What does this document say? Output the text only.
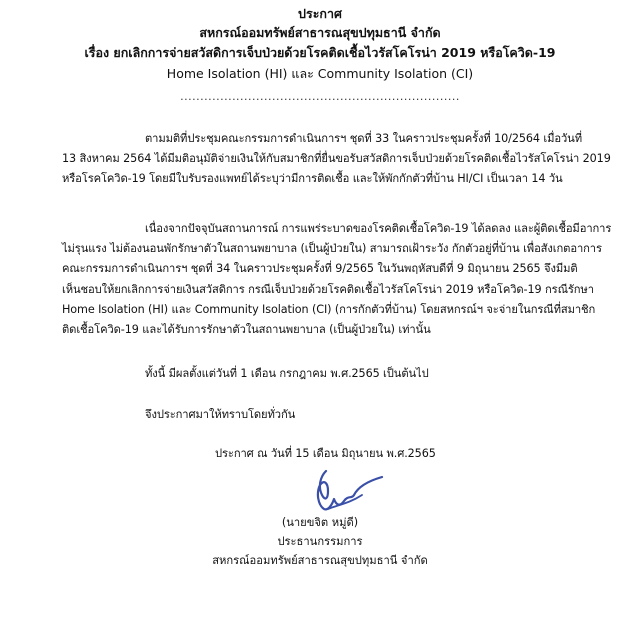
ประกาศ
สหกรณ์ออมทรัพย์สาธารณสุขปทุมธานี จำกัด
เรื่อง ยกเลิกการจ่ายสวัสดิการเจ็บป่วยด้วยโรคติดเชื้อไวรัสโคโรน่า 2019 หรือโควิด-19
Home Isolation (HI) และ Community Isolation (CI)
......................................................................
ตามมติที่ประชุมคณะกรรมการดำเนินการฯ ชุดที่ 33 ในคราวประชุมครั้งที่ 10/2564 เมื่อวันที่
13 สิงหาคม 2564 ได้มีมติอนุมัติจ่ายเงินให้กับสมาชิกที่ยื่นขอรับสวัสดิการเจ็บป่วยด้วยโรคติดเชื้อไวรัสโคโรน่า 2019
หรือโรคโควิด-19 โดยมีใบรับรองแพทย์ได้ระบุว่ามีการติดเชื้อ และให้พักกักตัวที่บ้าน HI/CI เป็นเวลา 14 วัน
เนื่องจากปัจจุบันสถานการณ์ การแพร่ระบาดของโรคติดเชื้อโควิด-19 ได้ลดลง และผู้ติดเชื้อมีอาการ
ไม่รุนแรง ไม่ต้องนอนพักรักษาตัวในสถานพยาบาล (เป็นผู้ป่วยใน) สามารถเฝ้าระวัง กักตัวอยู่ที่บ้าน เพื่อสังเกตอาการ
คณะกรรมการดำเนินการฯ ชุดที่ 34 ในคราวประชุมครั้งที่ 9/2565 ในวันพฤหัสบดีที่ 9 มิถุนายน 2565 จึงมีมติ
เห็นชอบให้ยกเลิกการจ่ายเงินสวัสดิการ กรณีเจ็บป่วยด้วยโรคติดเชื้อไวรัสโคโรน่า 2019 หรือโควิด-19 กรณีรักษา
Home Isolation (HI) และ Community Isolation (CI) (การกักตัวที่บ้าน) โดยสหกรณ์ฯ จะจ่ายในกรณีที่สมาชิก
ติดเชื้อโควิด-19 และได้รับการรักษาตัวในสถานพยาบาล (เป็นผู้ป่วยใน) เท่านั้น
ทั้งนี้ มีผลตั้งแต่วันที่ 1 เดือน กรกฎาคม พ.ศ.2565 เป็นต้นไป
จึงประกาศมาให้ทราบโดยทั่วกัน
ประกาศ ณ วันที่ 15 เดือน มิถุนายน พ.ศ.2565
(นายขจิต หมู่ดี)
ประธานกรรมการ
สหกรณ์ออมทรัพย์สาธารณสุขปทุมธานี จำกัด
